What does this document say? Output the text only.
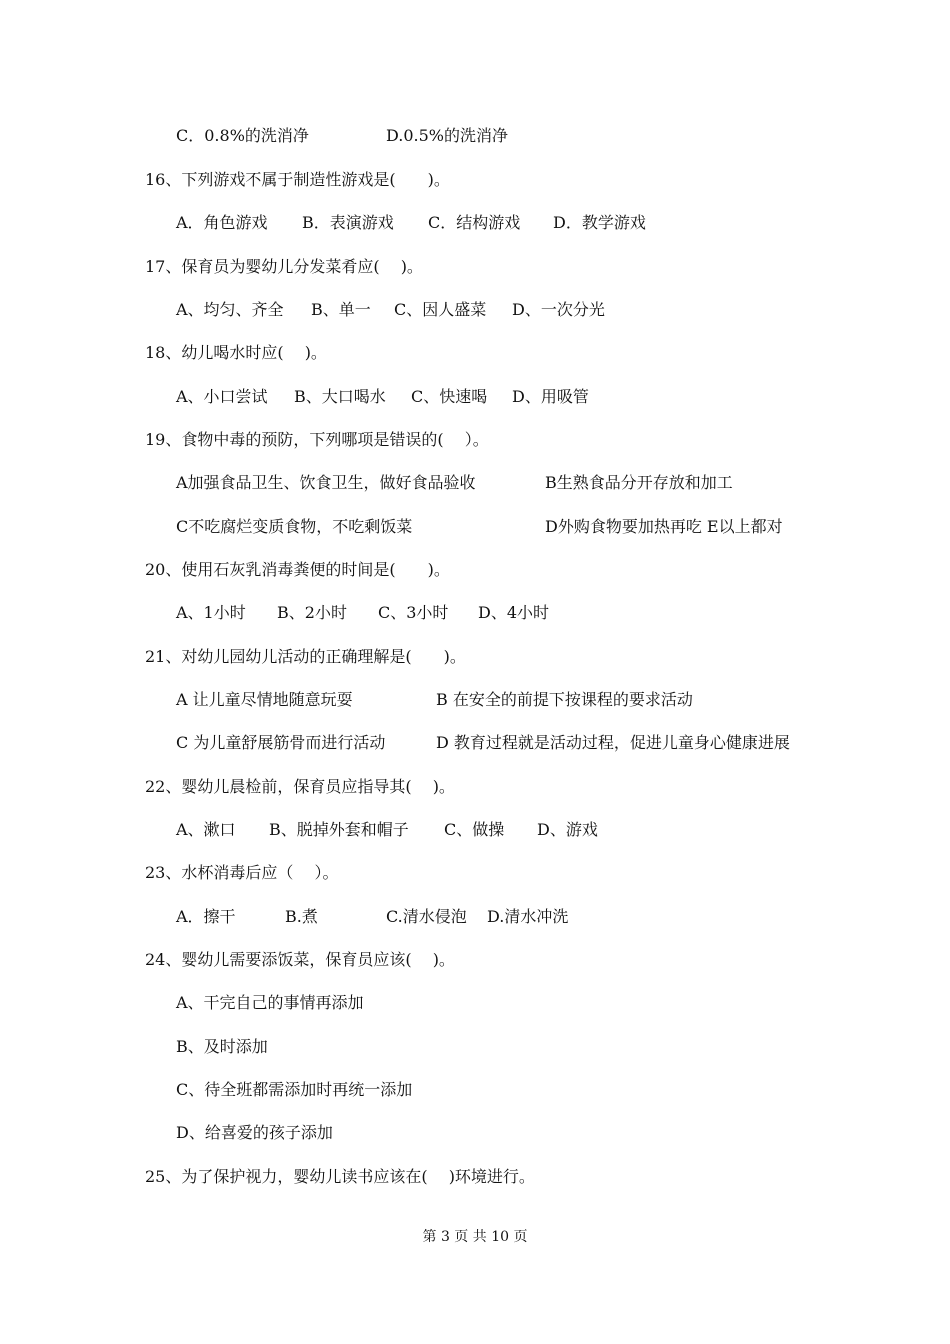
C．0.8%的洗消净	D.0.5%的洗消净
16、下列游戏不属于制造性游戏是(　　)。
A．角色游戏 B．表演游戏 C．结构游戏 D．教学游戏
17、保育员为婴幼儿分发菜肴应(　 )。
A、均匀、齐全 B、单一 C、因人盛菜 D、一次分光
18、幼儿喝水时应(　 )。
A、小口尝试 B、大口喝水 C、快速喝 D、用吸管
19、食物中毒的预防，下列哪项是错误的(　 ）。
A加强食品卫生、饮食卫生，做好食品验收	B生熟食品分开存放和加工
C不吃腐烂变质食物，不吃剩饭菜	D外购食物要加热再吃 E以上都对
20、使用石灰乳消毒粪便的时间是(　　)。
A、1小时 B、2小时 C、3小时 D、4小时
21、对幼儿园幼儿活动的正确理解是(　　)。
A 让儿童尽情地随意玩耍	B 在安全的前提下按课程的要求活动
C 为儿童舒展筋骨而进行活动	D 教育过程就是活动过程，促进儿童身心健康进展
22、婴幼儿晨检前，保育员应指导其(　 )。
A、漱口 B、脱掉外套和帽子 C、做操 D、游戏
23、水杯消毒后应（　 ）。
A．擦干	B.煮	C.清水侵泡 D.清水冲洗
24、婴幼儿需要添饭菜，保育员应该(　 )。
A、干完自己的事情再添加
B、及时添加
C、待全班都需添加时再统一添加
D、给喜爱的孩子添加
25、为了保护视力，婴幼儿读书应该在(　 )环境进行。
第 3 页 共 10 页
